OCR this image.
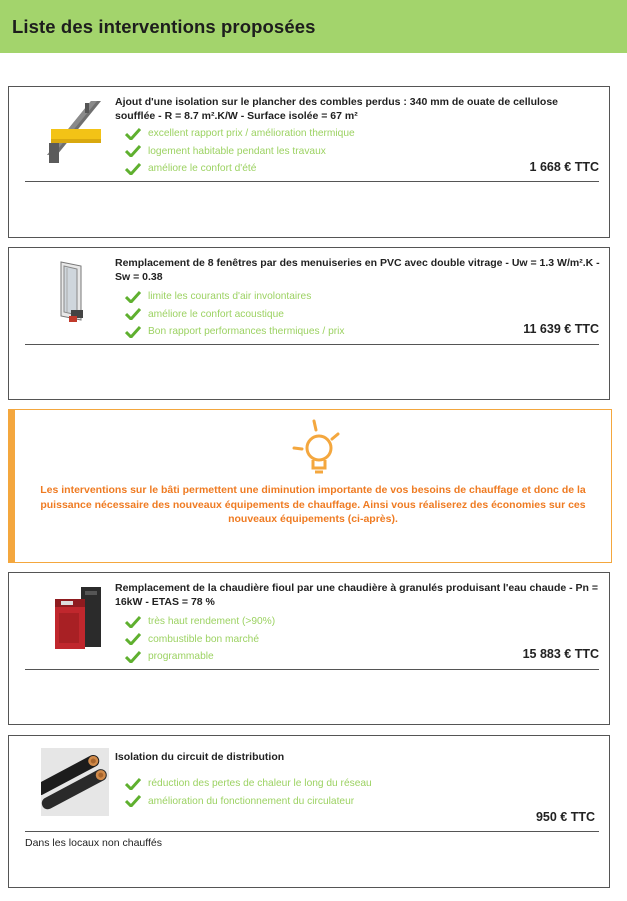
Liste des interventions proposées
Ajout d'une isolation sur le plancher des combles perdus : 340 mm de ouate de cellulose soufflée - R = 8.7 m².K/W - Surface isolée = 67 m²
excellent rapport prix / amélioration thermique
logement habitable pendant les travaux
améliore le confort d'été	1 668 € TTC
Remplacement de 8 fenêtres par des menuiseries en PVC avec double vitrage - Uw = 1.3 W/m².K - Sw = 0.38
limite les courants d'air involontaires
améliore le confort acoustique
Bon rapport performances thermiques / prix	11 639 € TTC
Les interventions sur le bâti permettent une diminution importante de vos besoins de chauffage et donc de la puissance nécessaire des nouveaux équipements de chauffage. Ainsi vous réaliserez des économies sur ces nouveaux équipements (ci-après).
Remplacement de la chaudière fioul par une chaudière à granulés produisant l'eau chaude - Pn = 16kW - ETAS = 78 %
très haut rendement (>90%)
combustible bon marché
programmable	15 883 € TTC
Isolation du circuit de distribution
réduction des pertes de chaleur le long du réseau
amélioration du fonctionnement du circulateur
950 € TTC
Dans les locaux non chauffés
